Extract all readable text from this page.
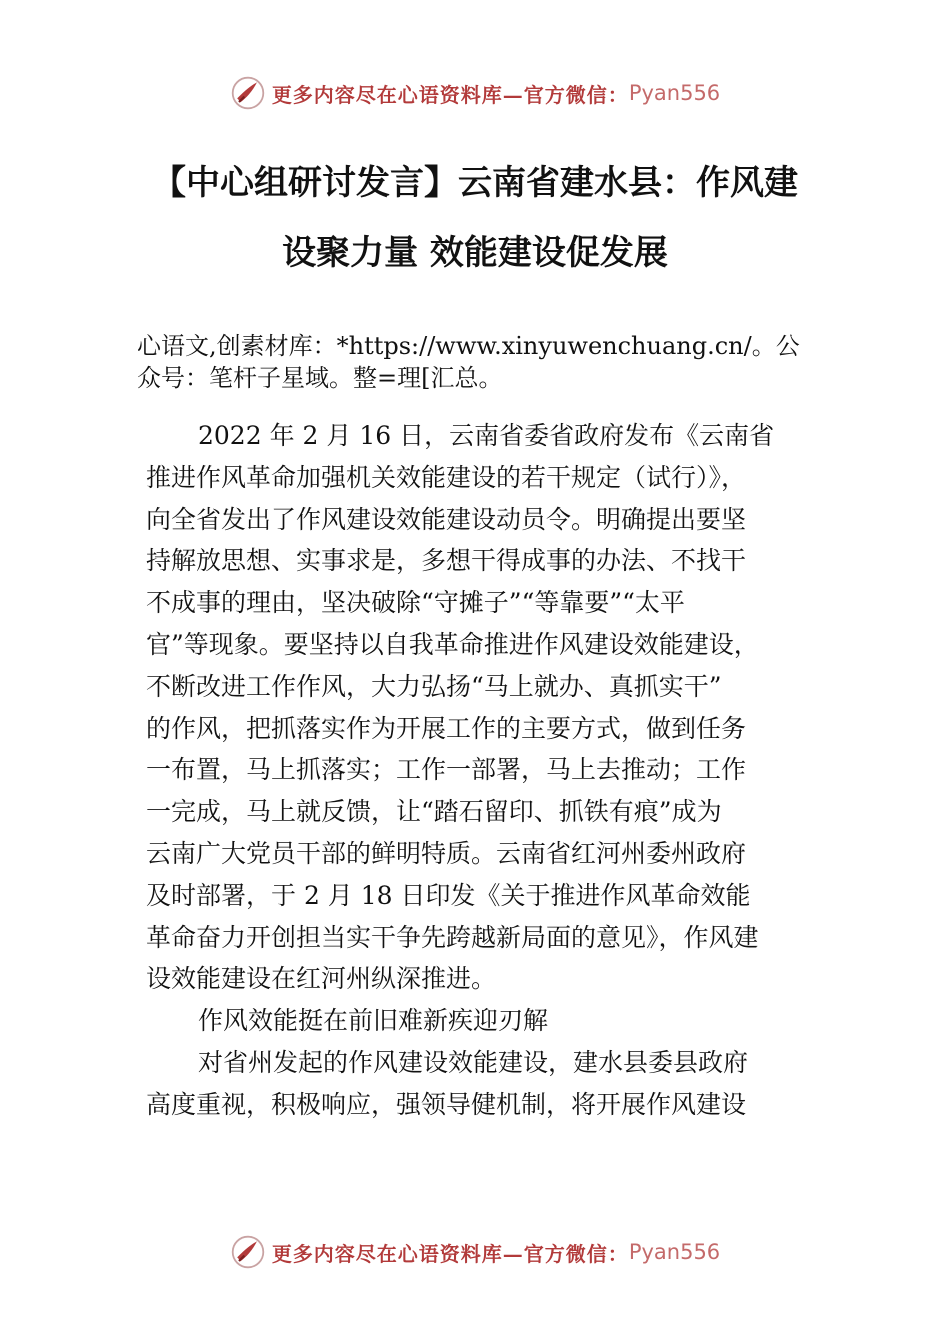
更多内容尽在心语资料库—官方微信： Pyan556
【中心组研讨发言】云南省建水县：作风建
设聚力量 效能建设促发展
心语文,创素材库：*https://www.xinyuwenchuang.cn/。公
众号：笔杆子星域。整=理[汇总。
2022 年 2 月 16 日，云南省委省政府发布《云南省
推进作风革命加强机关效能建设的若干规定（试行）》，
向全省发出了作风建设效能建设动员令。明确提出要坚
持解放思想、实事求是，多想干得成事的办法、不找干
不成事的理由，坚决破除“守摊子”“等靠要”“太平
官”等现象。要坚持以自我革命推进作风建设效能建设，
不断改进工作作风，大力弘扬“马上就办、真抓实干”
的作风，把抓落实作为开展工作的主要方式，做到任务
一布置，马上抓落实；工作一部署，马上去推动；工作
一完成，马上就反馈，让“踏石留印、抓铁有痕”成为
云南广大党员干部的鲜明特质。云南省红河州委州政府
及时部署，于 2 月 18 日印发《关于推进作风革命效能
革命奋力开创担当实干争先跨越新局面的意见》，作风建
设效能建设在红河州纵深推进。
作风效能挺在前旧难新疾迎刃解
对省州发起的作风建设效能建设，建水县委县政府
高度重视，积极响应，强领导健机制，将开展作风建设
更多内容尽在心语资料库—官方微信： Pyan556
